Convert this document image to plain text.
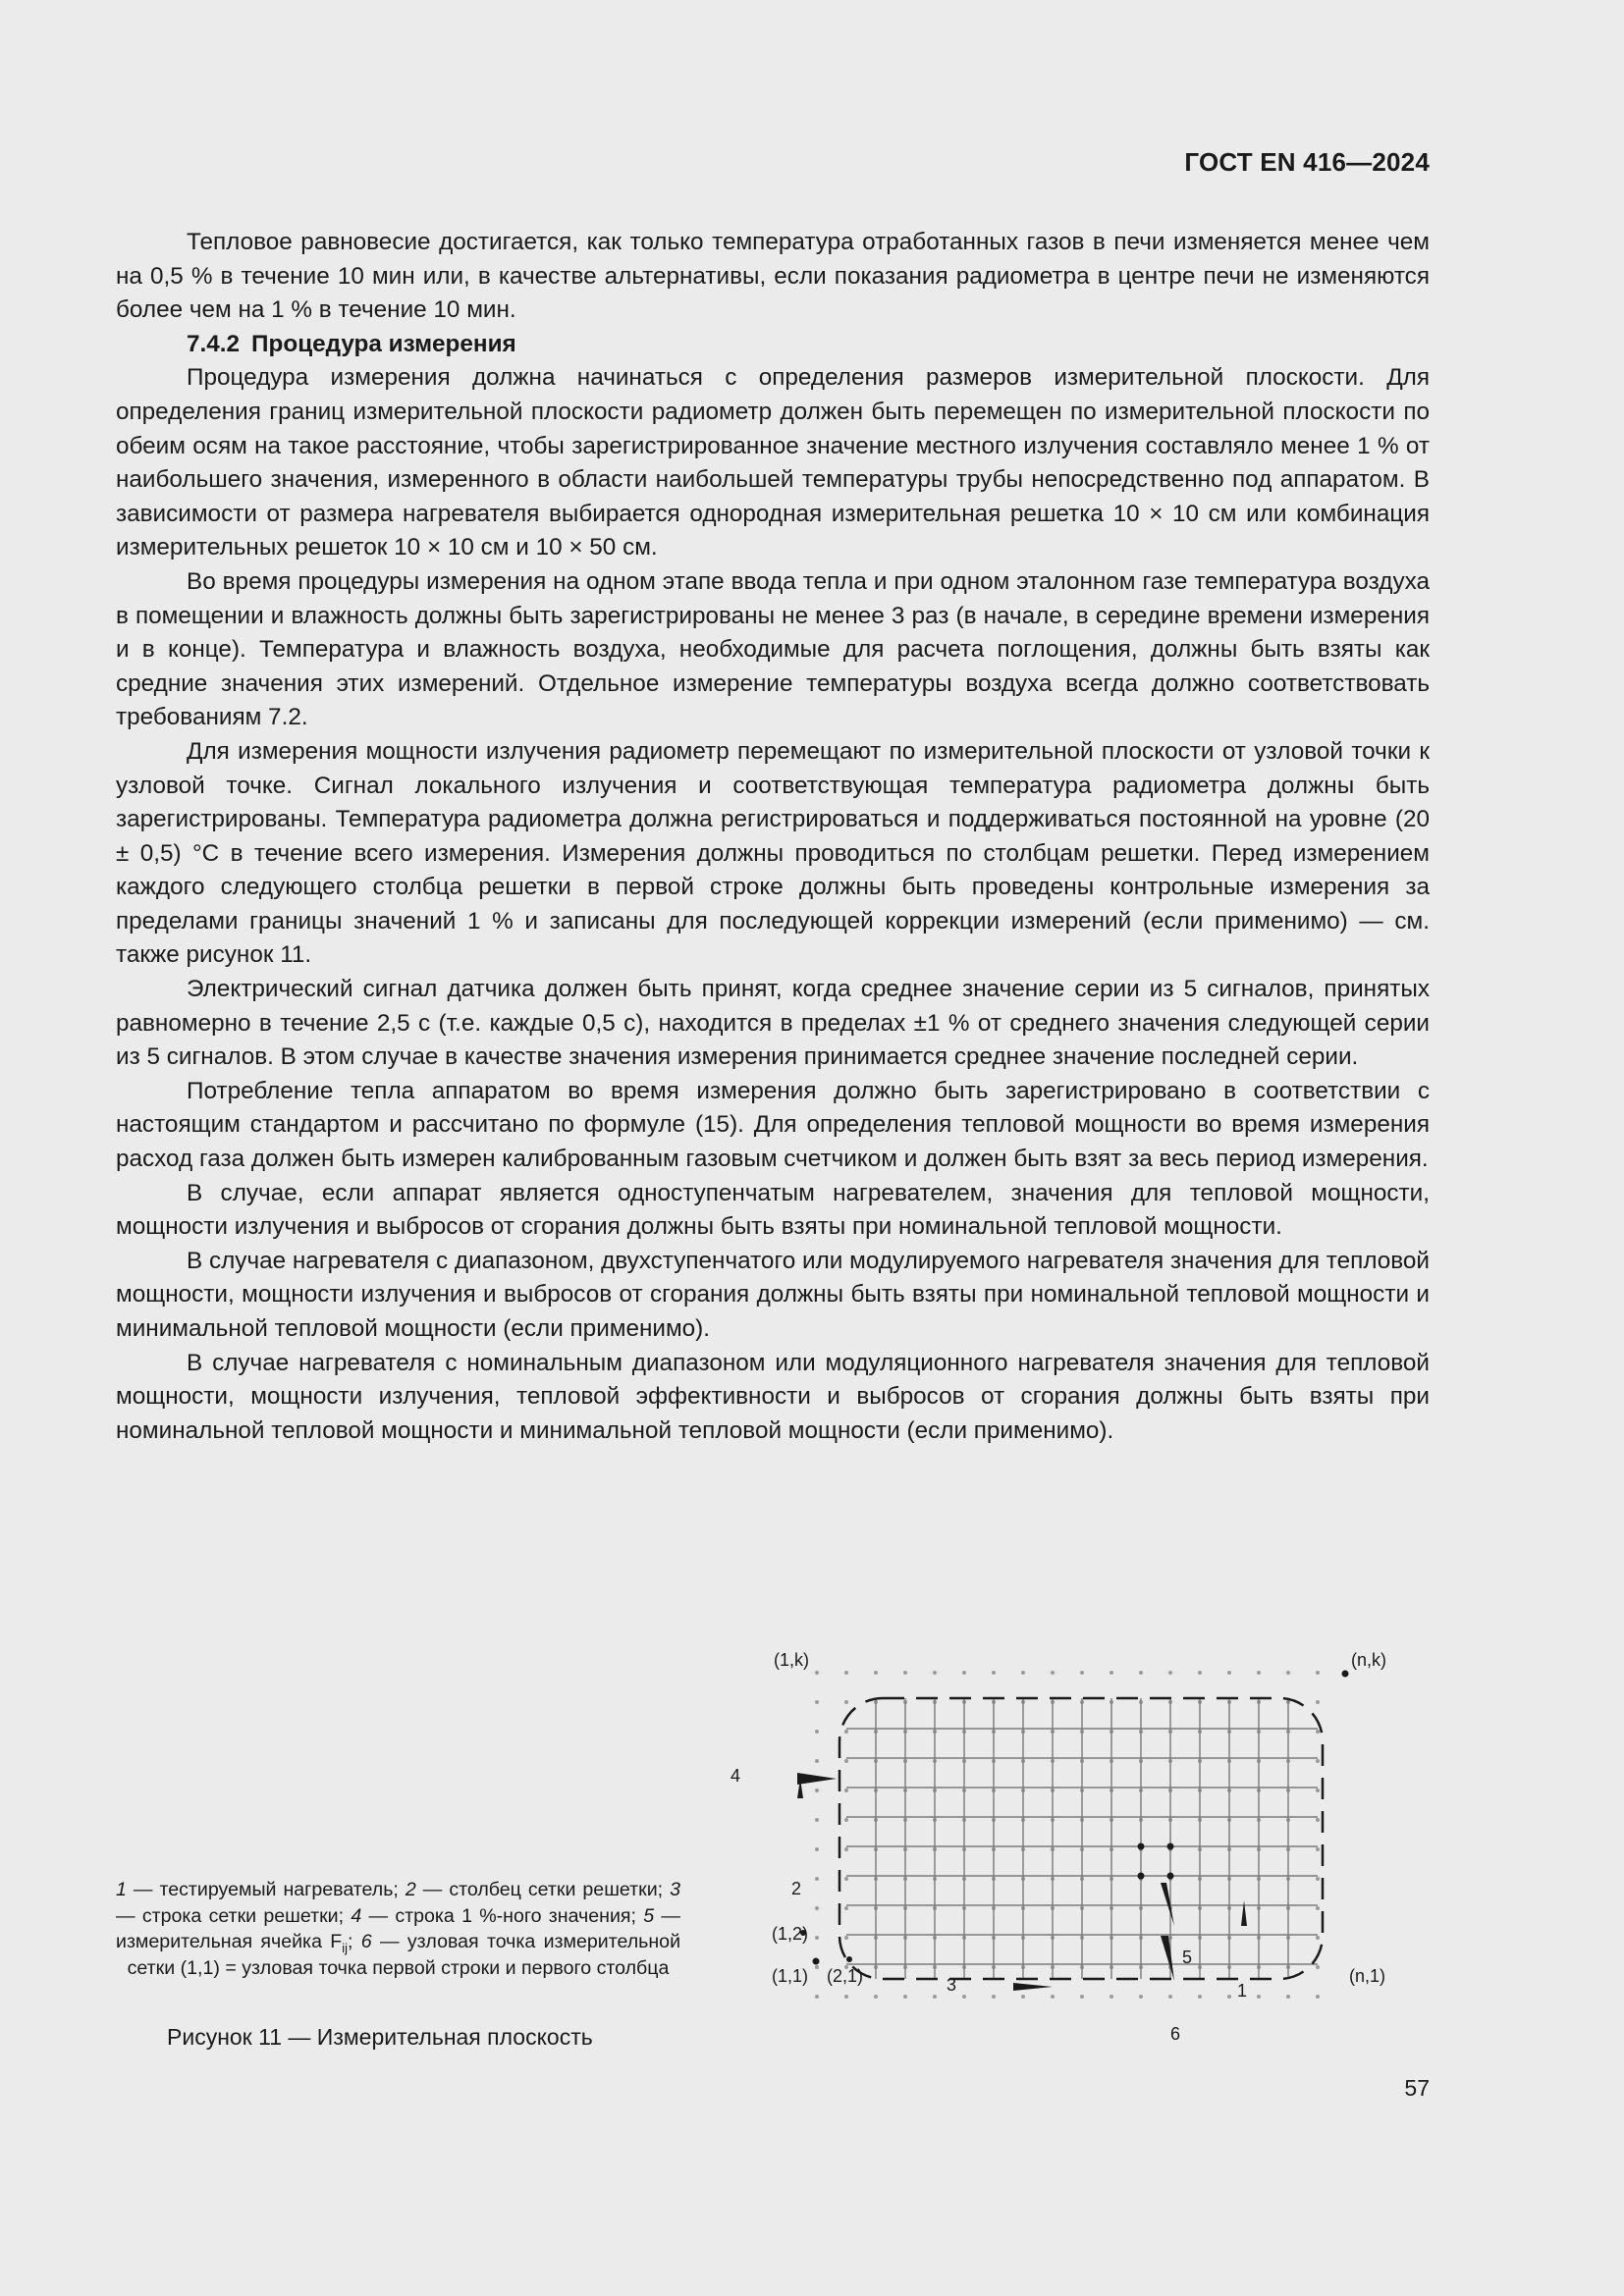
ГОСТ EN 416—2024

Тепловое равновесие достигается, как только температура отработанных газов в печи изменяется менее чем на 0,5 % в течение 10 мин или, в качестве альтернативы, если показания радиометра в центре печи не изменяются более чем на 1 % в течение 10 мин.

7.4.2 Процедура измерения

Процедура измерения должна начинаться с определения размеров измерительной плоскости. Для определения границ измерительной плоскости радиометр должен быть перемещен по измерительной плоскости по обеим осям на такое расстояние, чтобы зарегистрированное значение местного излучения составляло менее 1 % от наибольшего значения, измеренного в области наибольшей температуры трубы непосредственно под аппаратом. В зависимости от размера нагревателя выбирается однородная измерительная решетка 10 × 10 см или комбинация измерительных решеток 10 × 10 см и 10 × 50 см.

Во время процедуры измерения на одном этапе ввода тепла и при одном эталонном газе температура воздуха в помещении и влажность должны быть зарегистрированы не менее 3 раз (в начале, в середине времени измерения и в конце). Температура и влажность воздуха, необходимые для расчета поглощения, должны быть взяты как средние значения этих измерений. Отдельное измерение температуры воздуха всегда должно соответствовать требованиям 7.2.

Для измерения мощности излучения радиометр перемещают по измерительной плоскости от узловой точки к узловой точке. Сигнал локального излучения и соответствующая температура радиометра должны быть зарегистрированы. Температура радиометра должна регистрироваться и поддерживаться постоянной на уровне (20 ± 0,5) °С в течение всего измерения. Измерения должны проводиться по столбцам решетки. Перед измерением каждого следующего столбца решетки в первой строке должны быть проведены контрольные измерения за пределами границы значений 1 % и записаны для последующей коррекции измерений (если применимо) — см. также рисунок 11.

Электрический сигнал датчика должен быть принят, когда среднее значение серии из 5 сигналов, принятых равномерно в течение 2,5 с (т.е. каждые 0,5 с), находится в пределах ±1 % от среднего значения следующей серии из 5 сигналов. В этом случае в качестве значения измерения принимается среднее значение последней серии.

Потребление тепла аппаратом во время измерения должно быть зарегистрировано в соответствии с настоящим стандартом и рассчитано по формуле (15). Для определения тепловой мощности во время измерения расход газа должен быть измерен калиброванным газовым счетчиком и должен быть взят за весь период измерения.

В случае, если аппарат является одноступенчатым нагревателем, значения для тепловой мощности, мощности излучения и выбросов от сгорания должны быть взяты при номинальной тепловой мощности.

В случае нагревателя с диапазоном, двухступенчатого или модулируемого нагревателя значения для тепловой мощности, мощности излучения и выбросов от сгорания должны быть взяты при номинальной тепловой мощности и минимальной тепловой мощности (если применимо).

В случае нагревателя с номинальным диапазоном или модуляционного нагревателя значения для тепловой мощности, мощности излучения, тепловой эффективности и выбросов от сгорания должны быть взяты при номинальной тепловой мощности и минимальной тепловой мощности (если применимо).

1 — тестируемый нагреватель; 2 — столбец сетки решетки; 3 — строка сетки решетки; 4 — строка 1 %-ного значения; 5 — измерительная ячейка $F_{ij}$; 6 — узловая точка измерительной сетки (1,1) = узловая точка первой строки и первого столбца
Рисунок 11 — Измерительная плоскость
(1,k)	(n,k)
(1,2)
(1,1) (2,1)	(n,1)
4
2
3
5
1
6
57
